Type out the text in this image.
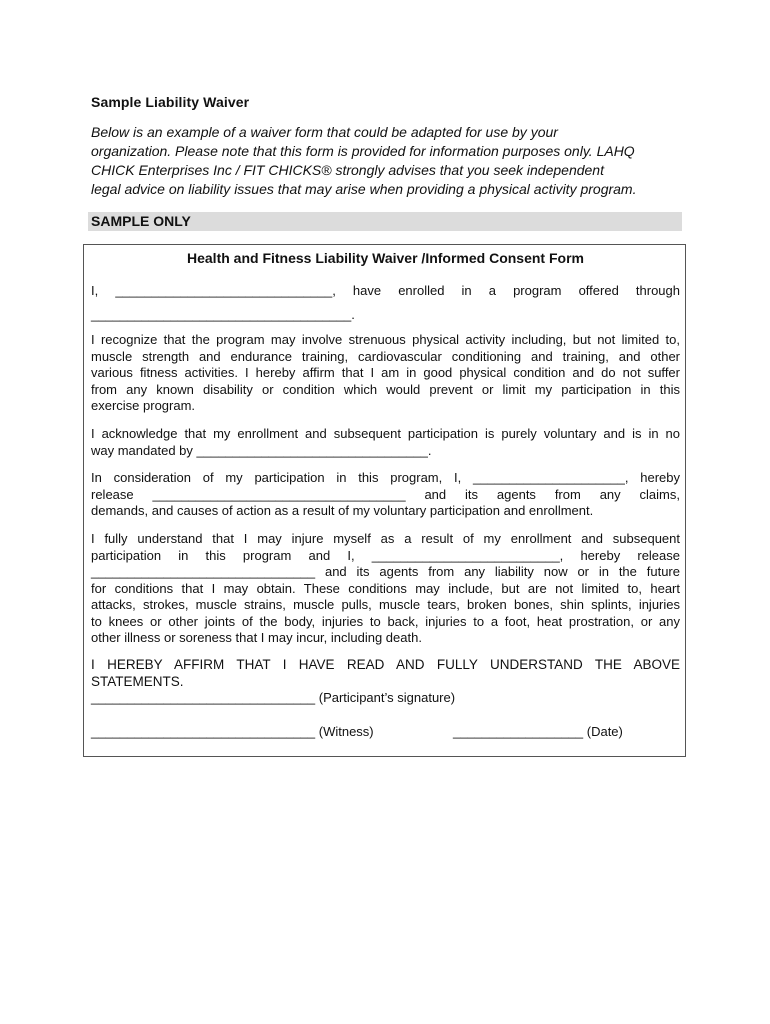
Sample Liability Waiver
Below is an example of a waiver form that could be adapted for use by your
organization. Please note that this form is provided for information purposes only. LAHQ
CHICK Enterprises Inc / FIT CHICKS® strongly advises that you seek independent
legal advice on liability issues that may arise when providing a physical activity program.
SAMPLE ONLY
Health and Fitness Liability Waiver /Informed Consent Form
I, ______________________________, have enrolled in a program offered through
____________________________________.
I recognize that the program may involve strenuous physical activity including, but not limited to,
muscle strength and endurance training, cardiovascular conditioning and training, and other
various fitness activities. I hereby affirm that I am in good physical condition and do not suffer
from any known disability or condition which would prevent or limit my participation in this
exercise program.
I acknowledge that my enrollment and subsequent participation is purely voluntary and is in no
way mandated by ________________________________.
In consideration of my participation in this program, I, _____________________, hereby
release ___________________________________ and its agents from any claims,
demands, and causes of action as a result of my voluntary participation and enrollment.
I fully understand that I may injure myself as a result of my enrollment and subsequent
participation in this program and I, __________________________, hereby release
_______________________________ and its agents from any liability now or in the future
for conditions that I may obtain. These conditions may include, but are not limited to, heart
attacks, strokes, muscle strains, muscle pulls, muscle tears, broken bones, shin splints, injuries
to knees or other joints of the body, injuries to back, injuries to a foot, heat prostration, or any
other illness or soreness that I may incur, including death.
I HEREBY AFFIRM THAT I HAVE READ AND FULLY UNDERSTAND THE ABOVE
STATEMENTS.
_______________________________ (Participant’s signature)
_______________________________ (Witness)	__________________ (Date)
